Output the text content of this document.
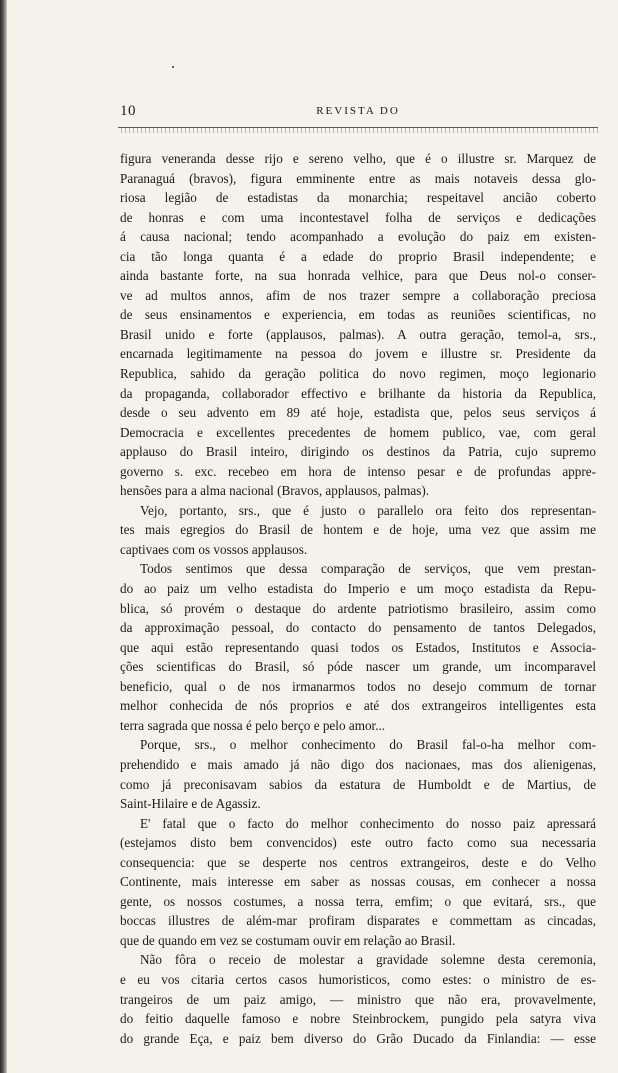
10	REVISTA DO
figura veneranda desse rijo e sereno velho, que é o illustre sr. Marquez de
Paranaguá (bravos), figura emminente entre as mais notaveis dessa glo-
riosa legião de estadistas da monarchia; respeitavel ancião coberto
de honras e com uma incontestavel folha de serviços e dedicações
á causa nacional; tendo acompanhado a evolução do paiz em existen-
cia tão longa quanta é a edade do proprio Brasil independente; e
ainda bastante forte, na sua honrada velhice, para que Deus nol-o conser-
ve ad multos annos, afim de nos trazer sempre a collaboração preciosa
de seus ensinamentos e experiencia, em todas as reuniões scientificas, no
Brasil unido e forte (applausos, palmas). A outra geração, temol-a, srs.,
encarnada legitimamente na pessoa do jovem e illustre sr. Presidente da
Republica, sahido da geração politica do novo regimen, moço legionario
da propaganda, collaborador effectivo e brilhante da historia da Republica,
desde o seu advento em 89 até hoje, estadista que, pelos seus serviços á
Democracia e excellentes precedentes de homem publico, vae, com geral
applauso do Brasil inteiro, dirigindo os destinos da Patria, cujo supremo
governo s. exc. recebeo em hora de intenso pesar e de profundas appre-
hensões para a alma nacional (Bravos, applausos, palmas).
Vejo, portanto, srs., que é justo o parallelo ora feito dos representan-
tes mais egregios do Brasil de hontem e de hoje, uma vez que assim me
captivaes com os vossos applausos.
Todos sentimos que dessa comparação de serviços, que vem prestan-
do ao paiz um velho estadista do Imperio e um moço estadista da Repu-
blica, só provém o destaque do ardente patriotismo brasileiro, assim como
da approximação pessoal, do contacto do pensamento de tantos Delegados,
que aqui estão representando quasi todos os Estados, Institutos e Associa-
ções scientificas do Brasil, só póde nascer um grande, um incomparavel
beneficio, qual o de nos irmanarmos todos no desejo commum de tornar
melhor conhecida de nós proprios e até dos extrangeiros intelligentes esta
terra sagrada que nossa é pelo berço e pelo amor...
Porque, srs., o melhor conhecimento do Brasil fal-o-ha melhor com-
prehendido e mais amado já não digo dos nacionaes, mas dos alienigenas,
como já preconisavam sabios da estatura de Humboldt e de Martius, de
Saint-Hilaire e de Agassiz.
E' fatal que o facto do melhor conhecimento do nosso paiz apressará
(estejamos disto bem convencidos) este outro facto como sua necessaria
consequencia: que se desperte nos centros extrangeiros, deste e do Velho
Continente, mais interesse em saber as nossas cousas, em conhecer a nossa
gente, os nossos costumes, a nossa terra, emfim; o que evitará, srs., que
boccas illustres de além-mar profiram disparates e commettam as cincadas,
que de quando em vez se costumam ouvir em relação ao Brasil.
Não fôra o receio de molestar a gravidade solemne desta ceremonia,
e eu vos citaria certos casos humoristicos, como estes: o ministro de es-
trangeiros de um paiz amigo, — ministro que não era, provavelmente,
do feitio daquelle famoso e nobre Steinbrockem, pungido pela satyra viva
do grande Eça, e paiz bem diverso do Grão Ducado da Finlandia: — esse
